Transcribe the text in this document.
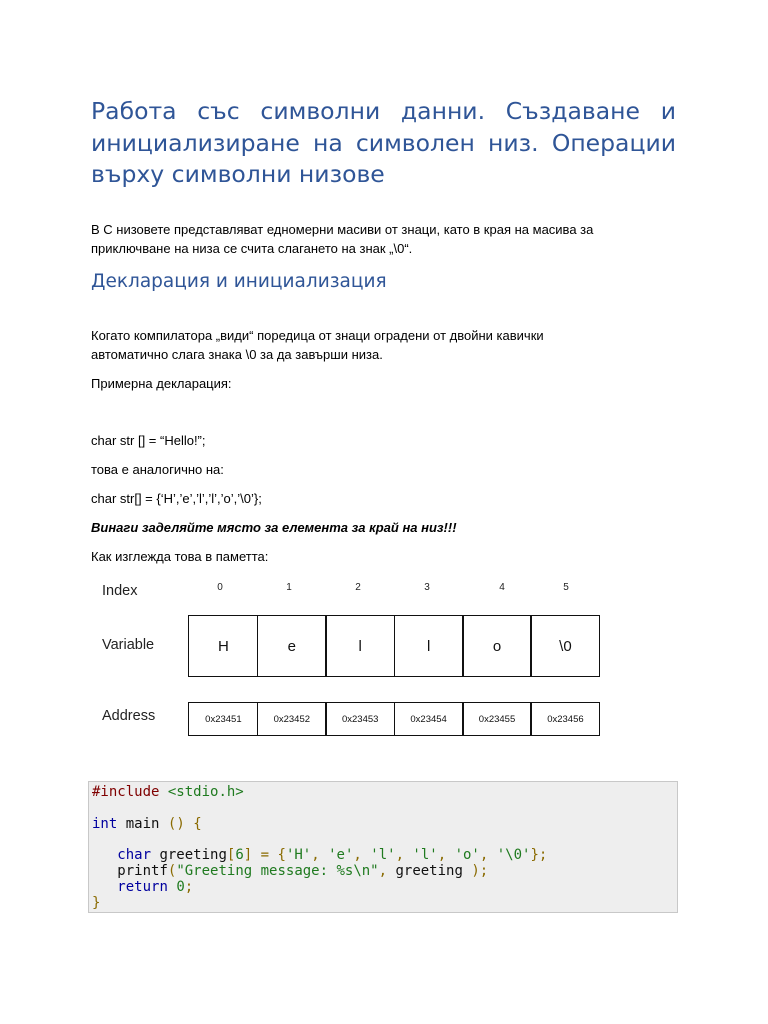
Работа със символни данни. Създаване и инициализиране на символен низ. Операции върху символни низове

В С низовете представляват едномерни масиви от знаци, като в края на масива за приключване на низа се счита слагането на знак „\0“.

Декларация и инициализация

Когато компилатора „види“ поредица от знаци оградени от двойни кавички
автоматично слага знака \0 за да завърши низа.

Примерна декларация:

char str [] = “Hello!”;

това е аналогично на:

char str[] = {‘H’,’e’,’l’,’l’,’o’,’\0’};

Винаги заделяйте място за елемента за край на низ!!!

Как изглежда това в паметта:

Index
Variable
Address
0	1	2	3	4	5
H	e	l	l	o	\0
0x23451	0x23452	0x23453	0x23454	0x23455	0x23456
#include <stdio.h>
int main () {
char greeting[6] = {'H', 'e', 'l', 'l', 'o', '\0'};
printf("Greeting message: %s\n", greeting );
return 0;
}
